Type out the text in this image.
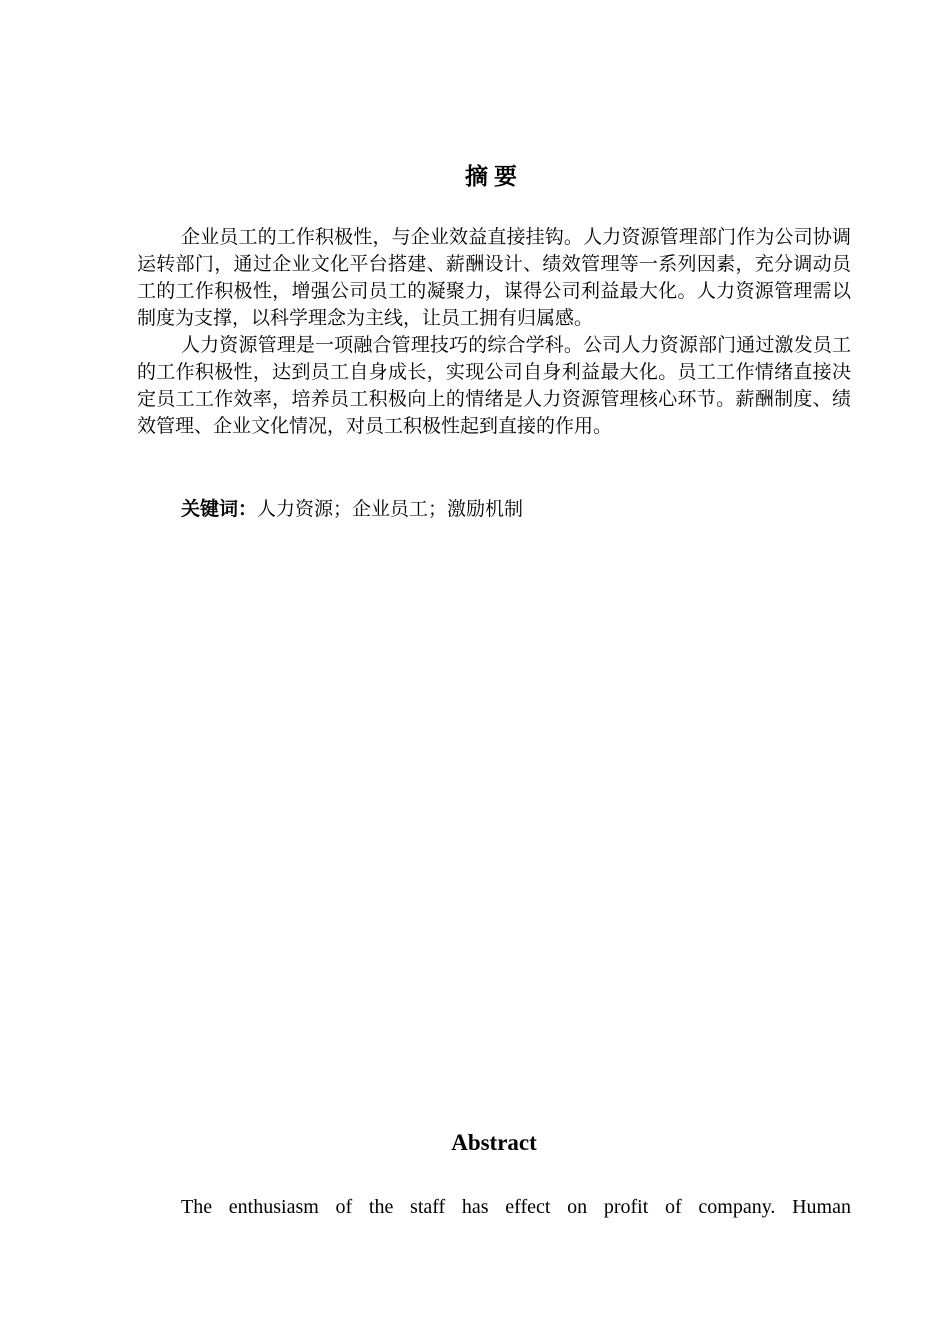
摘要

企业员工的工作积极性，与企业效益直接挂钩。人力资源管理部门作为公司协调运转部门，通过企业文化平台搭建、薪酬设计、绩效管理等一系列因素，充分调动员工的工作积极性，增强公司员工的凝聚力，谋得公司利益最大化。人力资源管理需以制度为支撑，以科学理念为主线，让员工拥有归属感。

人力资源管理是一项融合管理技巧的综合学科。公司人力资源部门通过激发员工的工作积极性，达到员工自身成长，实现公司自身利益最大化。员工工作情绪直接决定员工工作效率，培养员工积极向上的情绪是人力资源管理核心环节。薪酬制度、绩效管理、企业文化情况，对员工积极性起到直接的作用。

关键词：人力资源；企业员工；激励机制
Abstract

The enthusiasm of the staff has effect on profit of company. Human
